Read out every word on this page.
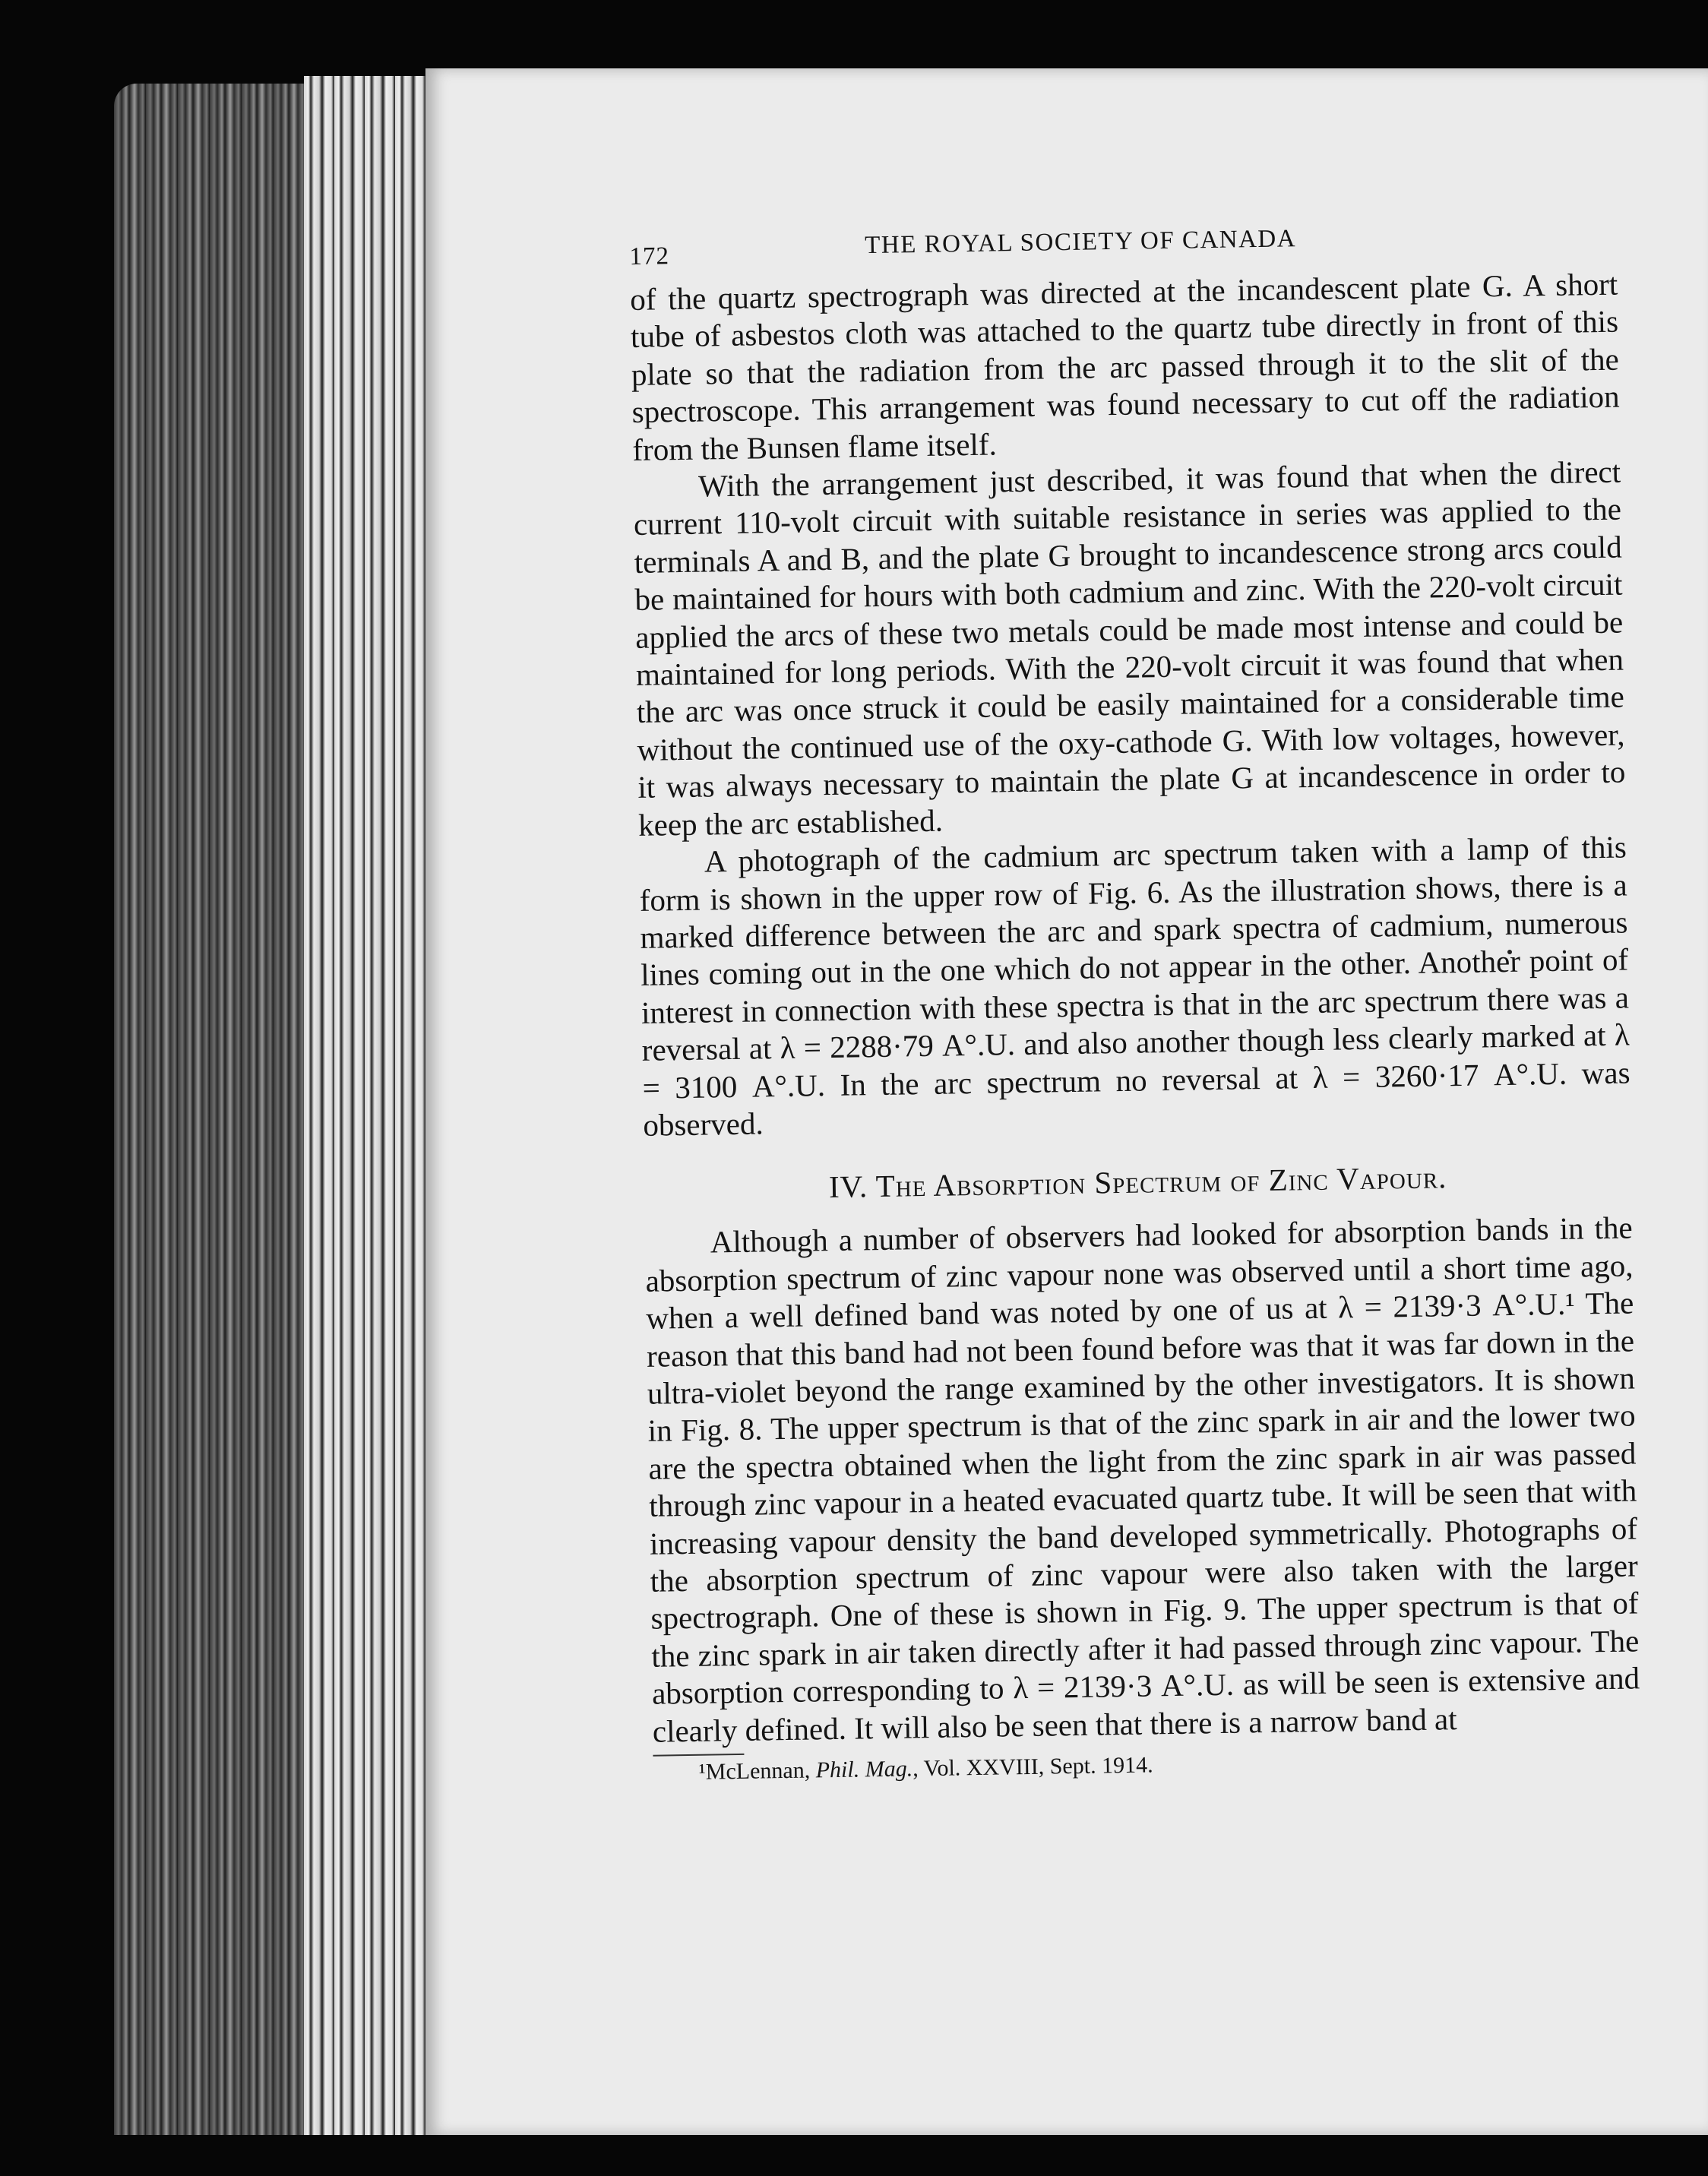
172	THE ROYAL SOCIETY OF CANADA

of the quartz spectrograph was directed at the incandescent plate G. A short tube of asbestos cloth was attached to the quartz tube directly in front of this plate so that the radiation from the arc passed through it to the slit of the spectroscope. This arrangement was found necessary to cut off the radiation from the Bunsen flame itself.

With the arrangement just described, it was found that when the direct current 110-volt circuit with suitable resistance in series was applied to the terminals A and B, and the plate G brought to incandescence strong arcs could be maintained for hours with both cadmium and zinc. With the 220-volt circuit applied the arcs of these two metals could be made most intense and could be maintained for long periods. With the 220-volt circuit it was found that when the arc was once struck it could be easily maintained for a considerable time without the continued use of the oxy-cathode G. With low voltages, however, it was always necessary to maintain the plate G at incandescence in order to keep the arc established.

A photograph of the cadmium arc spectrum taken with a lamp of this form is shown in the upper row of Fig. 6. As the illustration shows, there is a marked difference between the arc and spark spectra of cadmium, numerous lines coming out in the one which do not appear in the other. Another point of interest in connection with these spectra is that in the arc spectrum there was a reversal at λ = 2288·79 A°.U. and also another though less clearly marked at λ = 3100 A°.U. In the arc spectrum no reversal at λ = 3260·17 A°.U. was observed.

IV. The Absorption Spectrum of Zinc Vapour.

Although a number of observers had looked for absorption bands in the absorption spectrum of zinc vapour none was observed until a short time ago, when a well defined band was noted by one of us at λ = 2139·3 A°.U.¹ The reason that this band had not been found before was that it was far down in the ultra-violet beyond the range examined by the other investigators. It is shown in Fig. 8. The upper spectrum is that of the zinc spark in air and the lower two are the spectra obtained when the light from the zinc spark in air was passed through zinc vapour in a heated evacuated quartz tube. It will be seen that with increasing vapour density the band developed symmetrically. Photographs of the absorption spectrum of zinc vapour were also taken with the larger spectrograph. One of these is shown in Fig. 9. The upper spectrum is that of the zinc spark in air taken directly after it had passed through zinc vapour. The absorption corresponding to λ = 2139·3 A°.U. as will be seen is extensive and clearly defined. It will also be seen that there is a narrow band at

¹McLennan, Phil. Mag., Vol. XXVIII, Sept. 1914.
